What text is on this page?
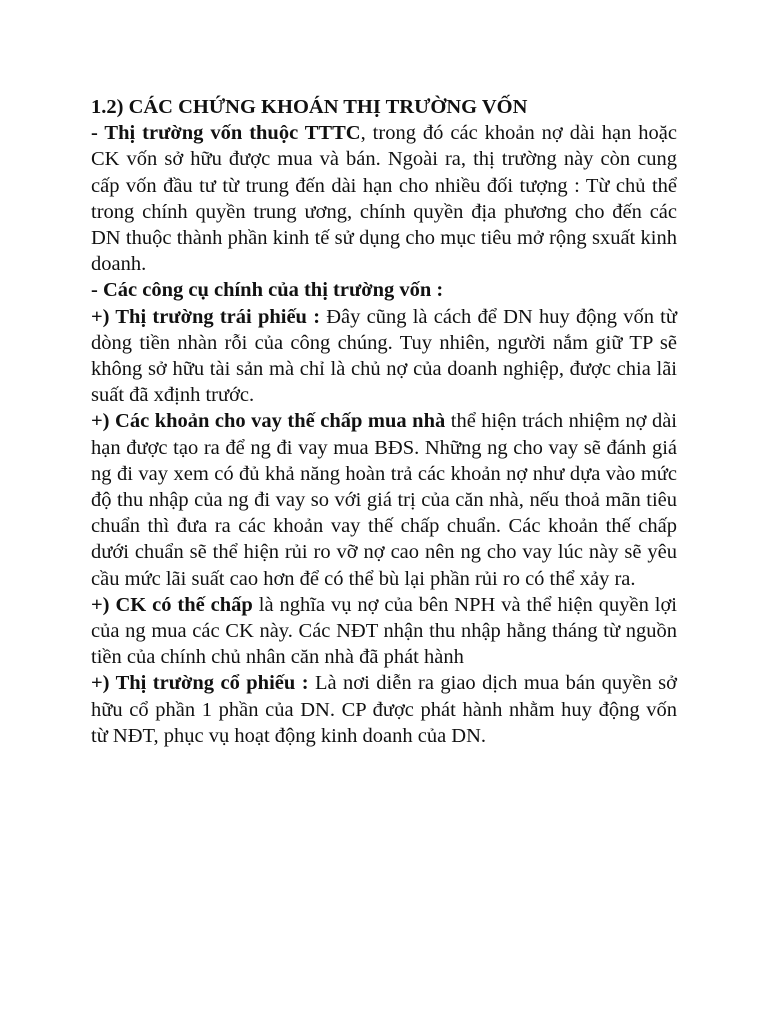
1.2) CÁC CHỨNG KHOÁN THỊ TRƯỜNG VỐN

- Thị trường vốn thuộc TTTC, trong đó các khoản nợ dài hạn hoặc CK vốn sở hữu được mua và bán. Ngoài ra, thị trường này còn cung cấp vốn đầu tư từ trung đến dài hạn cho nhiều đối tượng : Từ chủ thể trong chính quyền trung ương, chính quyền địa phương cho đến các DN thuộc thành phần kinh tế sử dụng cho mục tiêu mở rộng sxuất kinh doanh.

- Các công cụ chính của thị trường vốn :

+) Thị trường trái phiếu : Đây cũng là cách để DN huy động vốn từ dòng tiền nhàn rỗi của công chúng. Tuy nhiên, người nắm giữ TP sẽ không sở hữu tài sản mà chỉ là chủ nợ của doanh nghiệp, được chia lãi suất đã xđịnh trước.

+) Các khoản cho vay thế chấp mua nhà thể hiện trách nhiệm nợ dài hạn được tạo ra để ng đi vay mua BĐS. Những ng cho vay sẽ đánh giá ng đi vay xem có đủ khả năng hoàn trả các khoản nợ như dựa vào mức độ thu nhập của ng đi vay so với giá trị của căn nhà, nếu thoả mãn tiêu chuẩn thì đưa ra các khoản vay thế chấp chuẩn. Các khoản thế chấp dưới chuẩn sẽ thể hiện rủi ro vỡ nợ cao nên ng cho vay lúc này sẽ yêu cầu mức lãi suất cao hơn để có thể bù lại phần rủi ro có thể xảy ra.

+) CK có thế chấp là nghĩa vụ nợ của bên NPH và thể hiện quyền lợi của ng mua các CK này. Các NĐT nhận thu nhập hằng tháng từ nguồn tiền của chính chủ nhân căn nhà đã phát hành

+) Thị trường cổ phiếu : Là nơi diễn ra giao dịch mua bán quyền sở hữu cổ phần 1 phần của DN. CP được phát hành nhằm huy động vốn từ NĐT, phục vụ hoạt động kinh doanh của DN.
